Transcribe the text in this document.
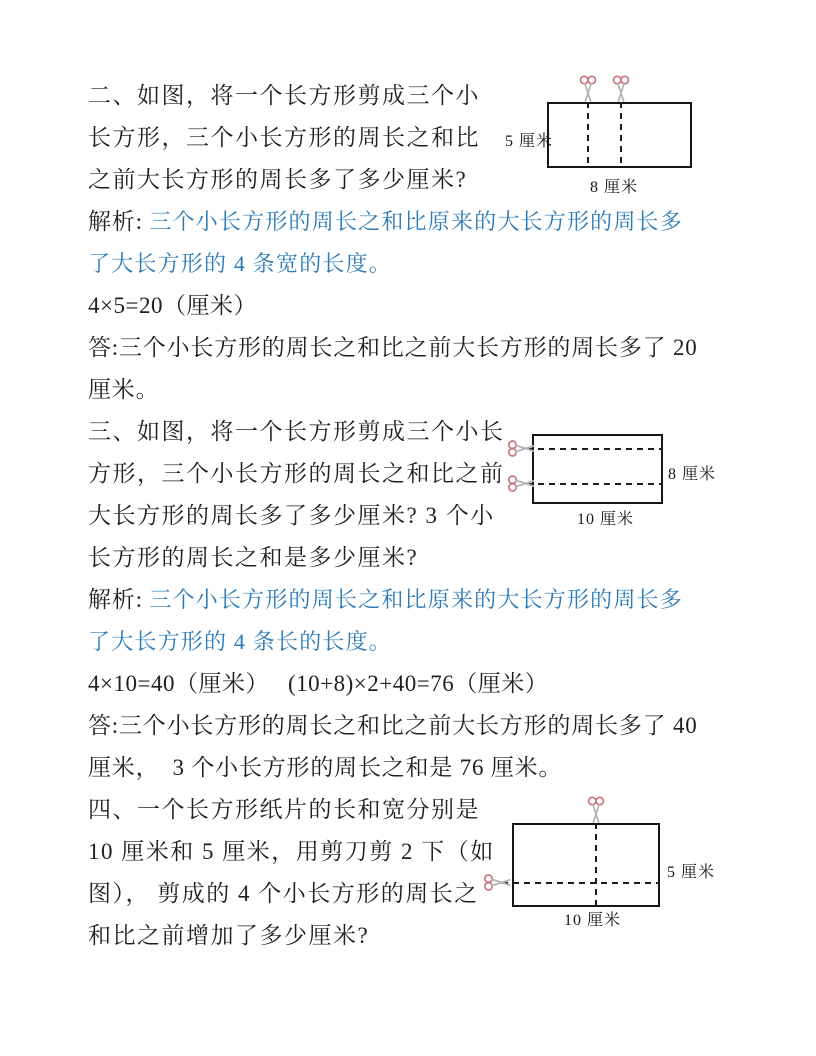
二、如图，将一个长方形剪成三个小
长方形，三个小长方形的周长之和比
之前大长方形的周长多了多少厘米?
5 厘米
8 厘米
解析: 三个小长方形的周长之和比原来的大长方形的周长多
了大长方形的 4 条宽的长度。
4×5=20（厘米）
答:三个小长方形的周长之和比之前大长方形的周长多了 20
厘米。
三、如图，将一个长方形剪成三个小长
方形，三个小长方形的周长之和比之前
大长方形的周长多了多少厘米? 3 个小
长方形的周长之和是多少厘米?
8 厘米
10 厘米
解析: 三个小长方形的周长之和比原来的大长方形的周长多
了大长方形的 4 条长的长度。
4×10=40（厘米） (10+8)×2+40=76（厘米）
答:三个小长方形的周长之和比之前大长方形的周长多了 40
厘米，  3 个小长方形的周长之和是 76 厘米。
四、一个长方形纸片的长和宽分别是
10 厘米和 5 厘米，用剪刀剪 2 下（如
图）， 剪成的 4 个小长方形的周长之
和比之前增加了多少厘米?
5 厘米
10 厘米
